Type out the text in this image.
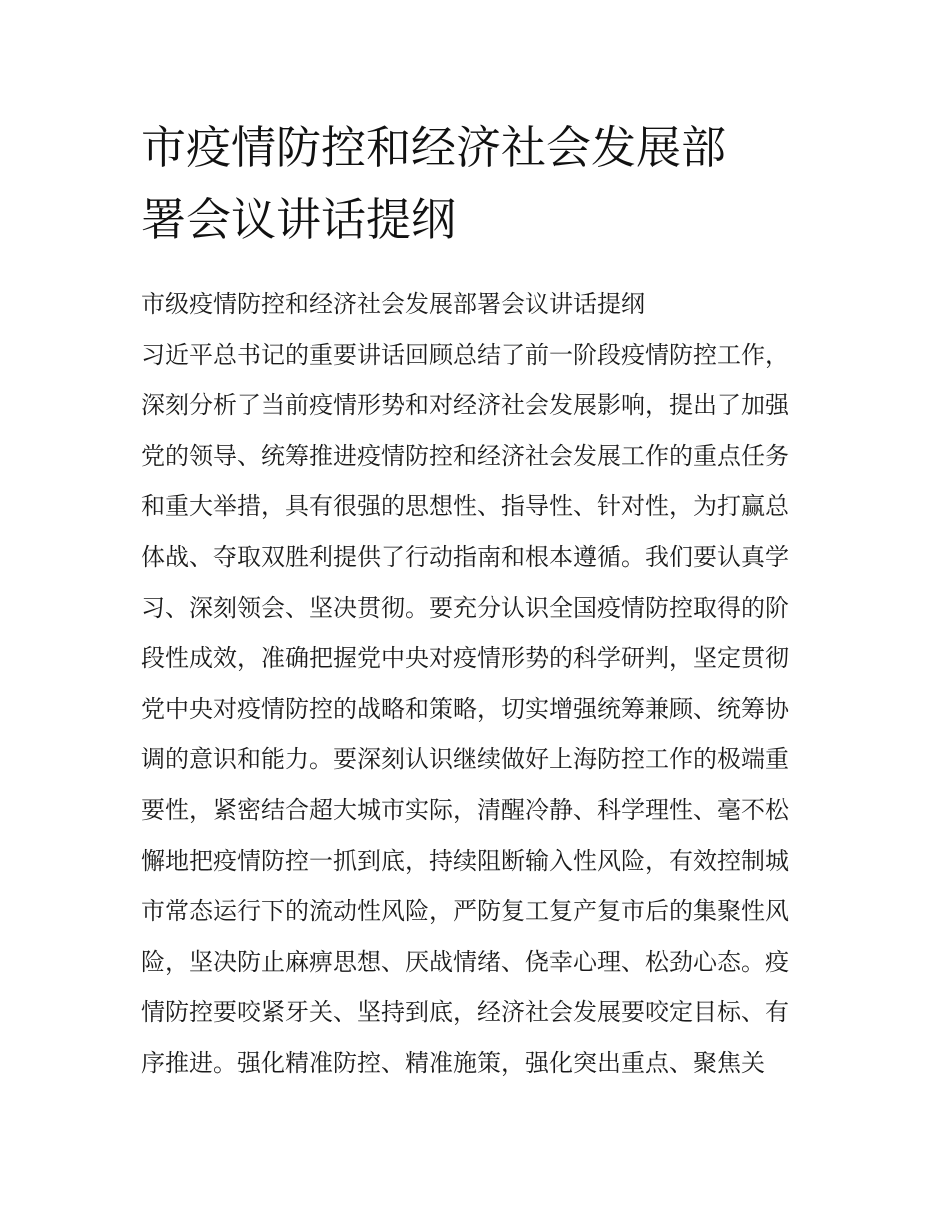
市疫情防控和经济社会发展部
署会议讲话提纲
市级疫情防控和经济社会发展部署会议讲话提纲
习近平总书记的重要讲话回顾总结了前一阶段疫情防控工作，
深刻分析了当前疫情形势和对经济社会发展影响，提出了加强
党的领导、统筹推进疫情防控和经济社会发展工作的重点任务
和重大举措，具有很强的思想性、指导性、针对性，为打赢总
体战、夺取双胜利提供了行动指南和根本遵循。我们要认真学
习、深刻领会、坚决贯彻。要充分认识全国疫情防控取得的阶
段性成效，准确把握党中央对疫情形势的科学研判，坚定贯彻
党中央对疫情防控的战略和策略，切实增强统筹兼顾、统筹协
调的意识和能力。要深刻认识继续做好上海防控工作的极端重
要性，紧密结合超大城市实际，清醒冷静、科学理性、毫不松
懈地把疫情防控一抓到底，持续阻断输入性风险，有效控制城
市常态运行下的流动性风险，严防复工复产复市后的集聚性风
险，坚决防止麻痹思想、厌战情绪、侥幸心理、松劲心态。疫
情防控要咬紧牙关、坚持到底，经济社会发展要咬定目标、有
序推进。强化精准防控、精准施策，强化突出重点、聚焦关
